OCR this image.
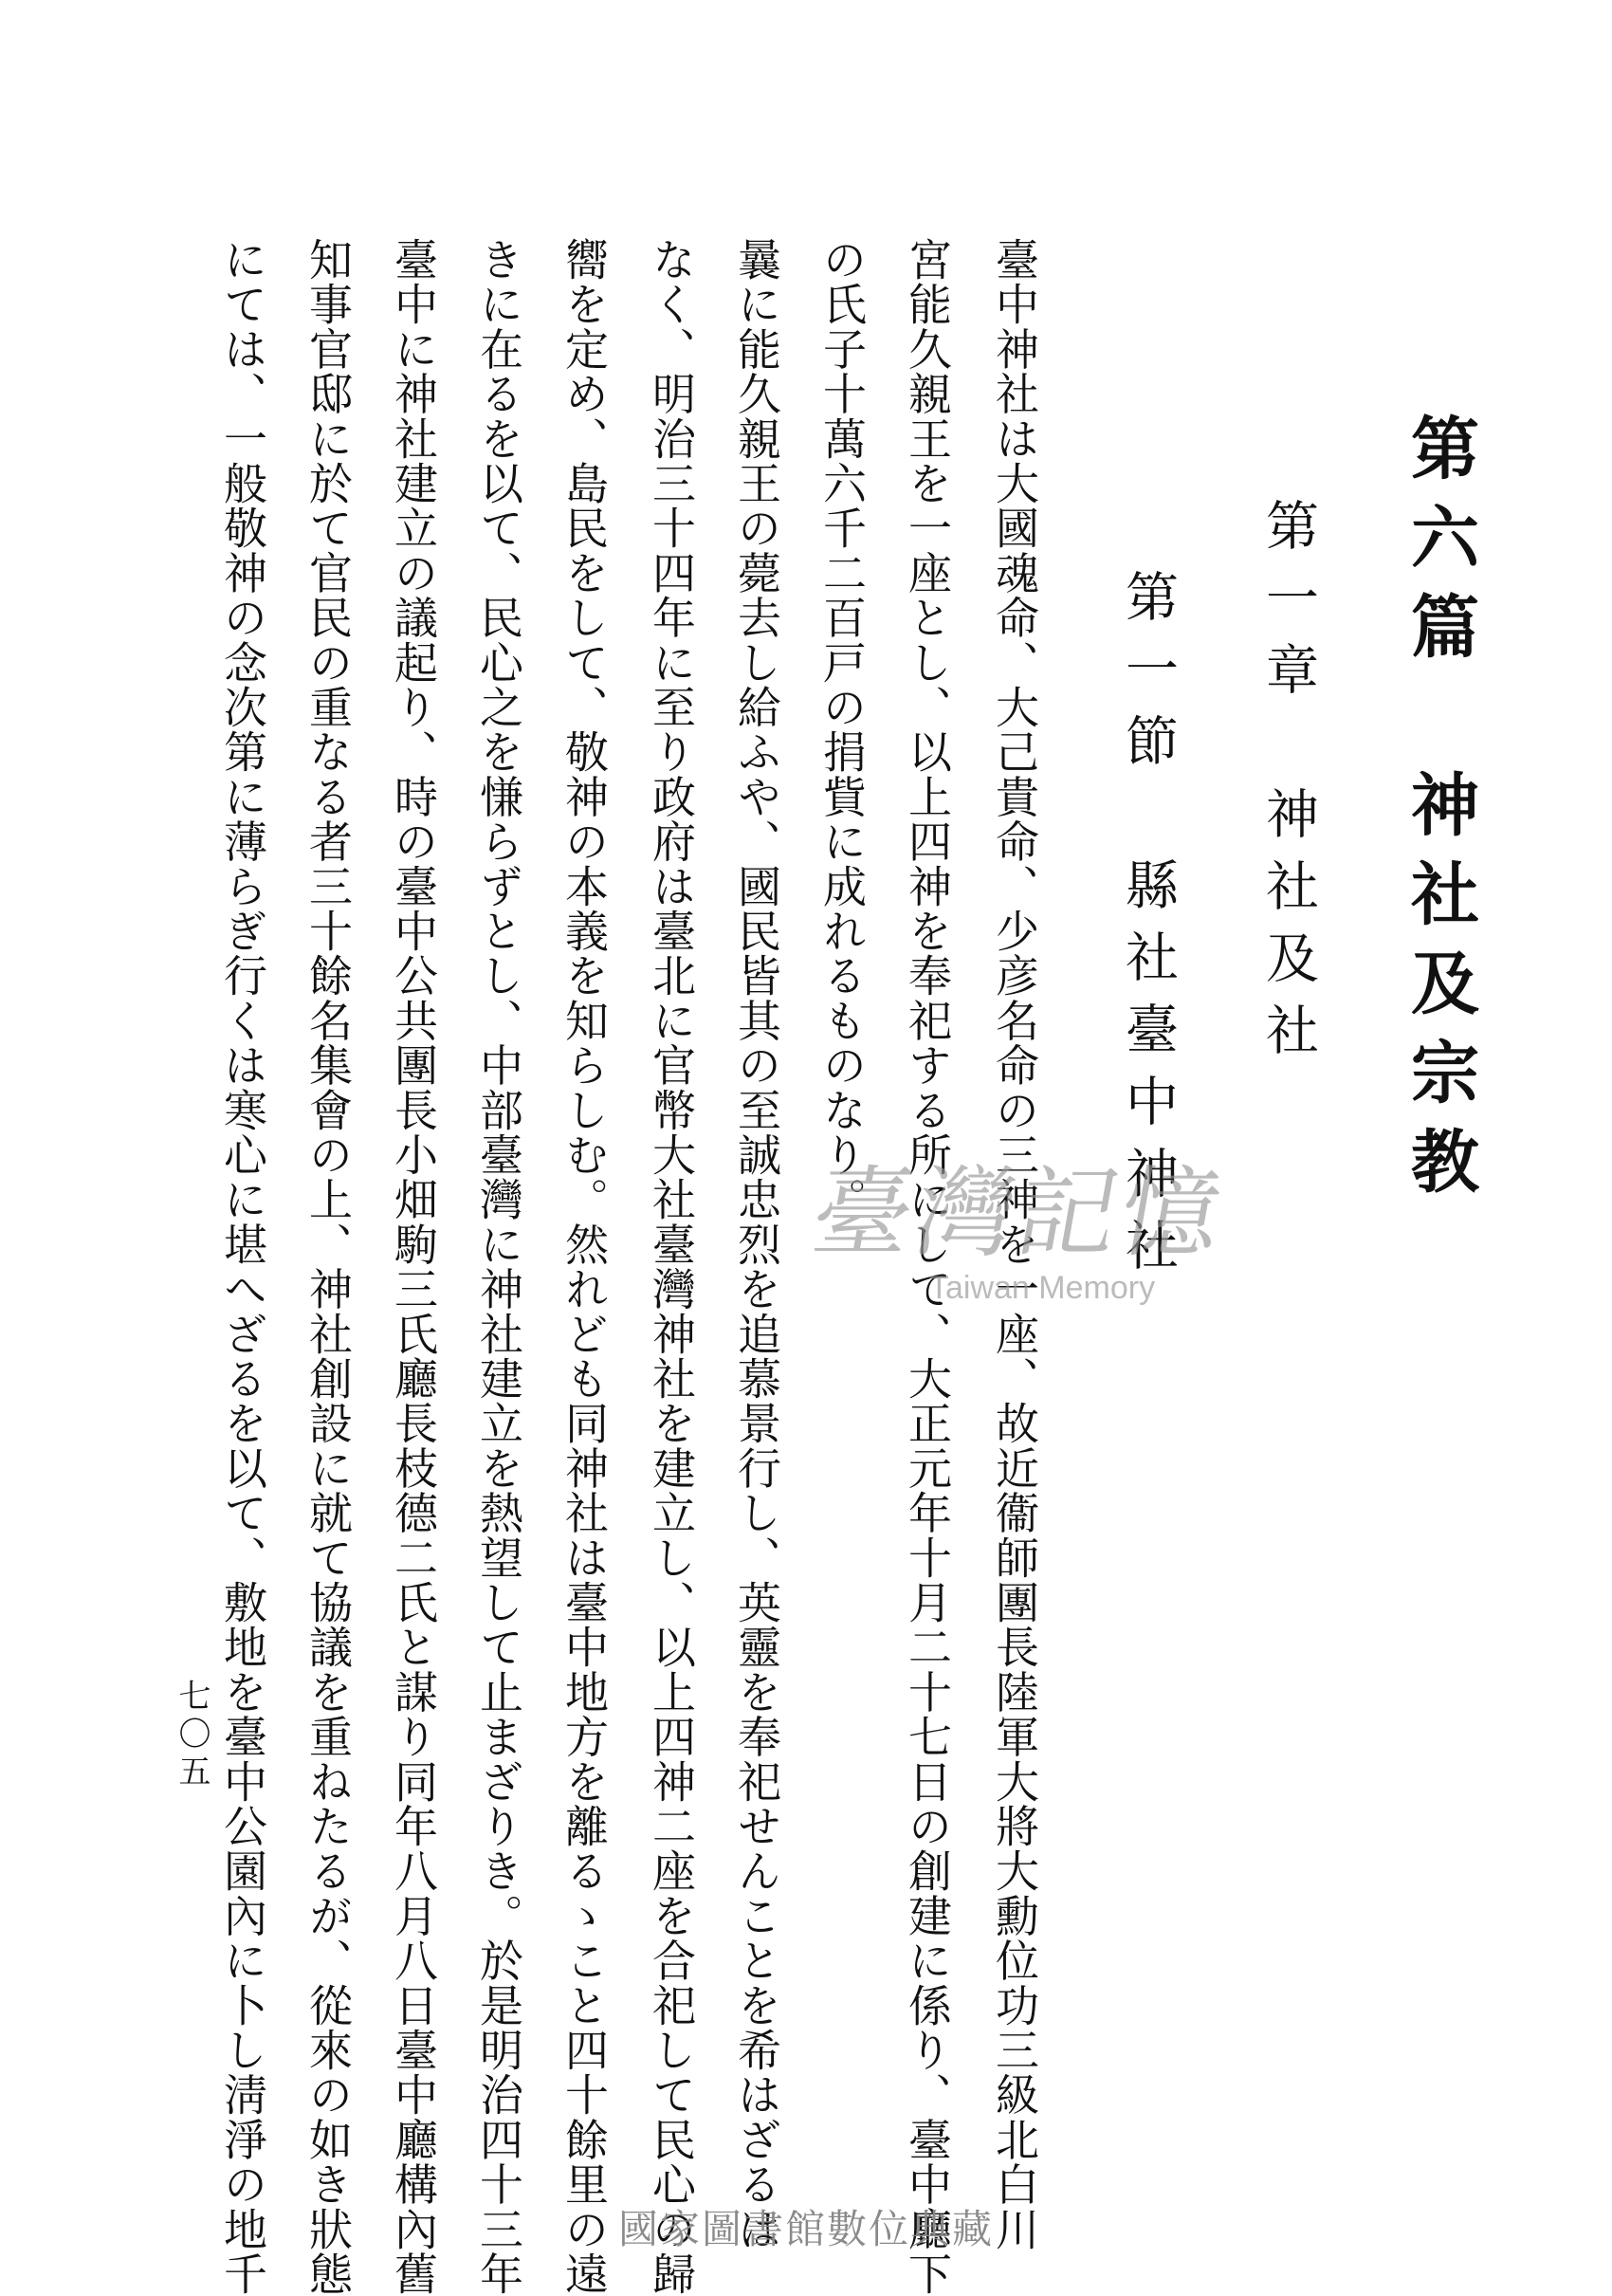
第六篇　神社及宗教
第一章　神社及社
第一節　縣社臺中神社
臺中神社は大國魂命、大己貴命、少彦名命の三神を一座、故近衞師團長陸軍大將大勳位功三級北白川
宮能久親王を一座とし、以上四神を奉祀する所にして、大正元年十月二十七日の創建に係り、臺中廳下
の氏子十萬六千二百戸の捐貲に成れるものなり。
曩に能久親王の薨去し給ふや、國民皆其の至誠忠烈を追慕景行し、英靈を奉祀せんことを希はざるは
なく、明治三十四年に至り政府は臺北に官幣大社臺灣神社を建立し、以上四神二座を合祀して民心の歸
嚮を定め、島民をして、敬神の本義を知らしむ。然れども同神社は臺中地方を離るゝこと四十餘里の遠
きに在るを以て、民心之を慊らずとし、中部臺灣に神社建立を熱望して止まざりき。於是明治四十三年
臺中に神社建立の議起り、時の臺中公共團長小畑駒三氏廳長枝德二氏と謀り同年八月八日臺中廳構內舊
知事官邸に於て官民の重なる者三十餘名集會の上、神社創設に就て協議を重ねたるが、從來の如き狀態
にては、一般敬神の念次第に薄らぎ行くは寒心に堪へざるを以て、敷地を臺中公園內に卜し淸淨の地千
七〇五
臺灣記憶
Taiwan Memory
國家圖書館數位典藏
